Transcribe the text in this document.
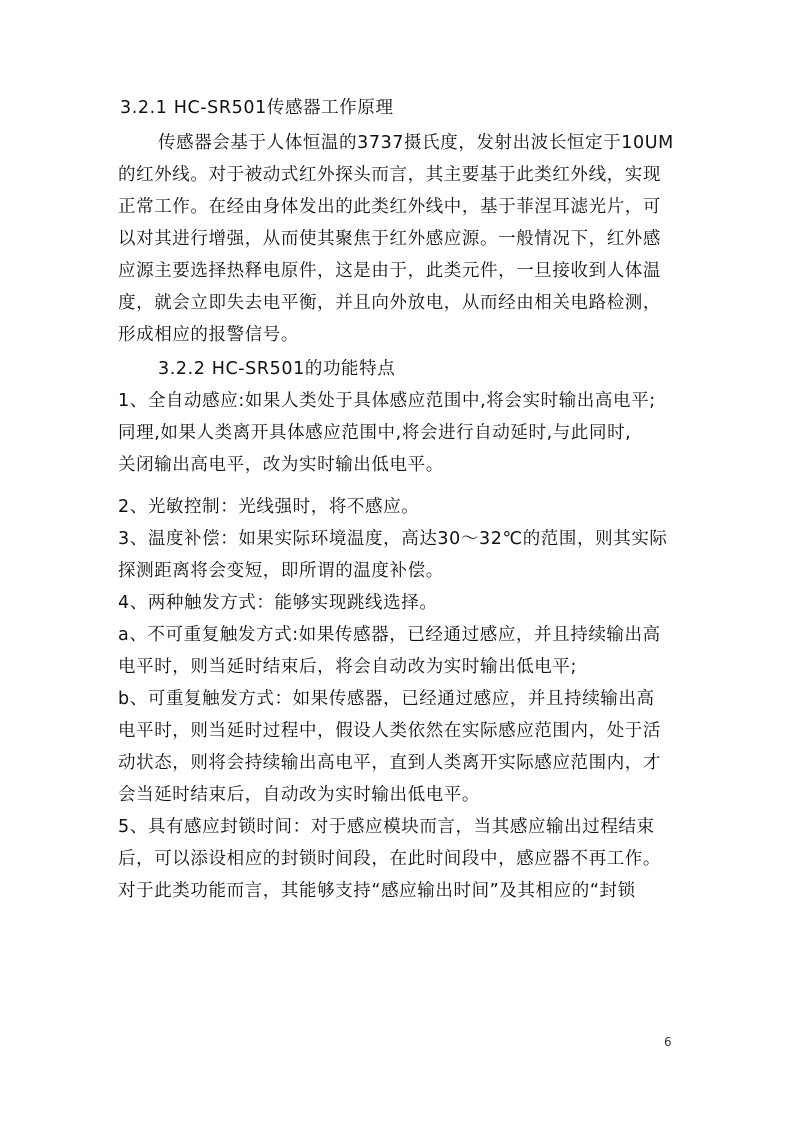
3.2.1 HC-SR501传感器工作原理
传感器会基于人体恒温的3737摄氏度，发射出波长恒定于10UM
的红外线。对于被动式红外探头而言，其主要基于此类红外线，实现
正常工作。在经由身体发出的此类红外线中，基于菲涅耳滤光片，可
以对其进行增强，从而使其聚焦于红外感应源。一般情况下，红外感
应源主要选择热释电原件，这是由于，此类元件，一旦接收到人体温
度，就会立即失去电平衡，并且向外放电，从而经由相关电路检测，
形成相应的报警信号。
3.2.2 HC-SR501的功能特点
1、全自动感应:如果人类处于具体感应范围中,将会实时输出高电平;
同理,如果人类离开具体感应范围中,将会进行自动延时,与此同时,
关闭输出高电平，改为实时输出低电平。
2、光敏控制：光线强时，将不感应。
3、温度补偿：如果实际环境温度，高达30～32℃的范围，则其实际
探测距离将会变短，即所谓的温度补偿。
4、两种触发方式：能够实现跳线选择。
a、不可重复触发方式:如果传感器，已经通过感应，并且持续输出高
电平时，则当延时结束后，将会自动改为实时输出低电平;
b、可重复触发方式：如果传感器，已经通过感应，并且持续输出高
电平时，则当延时过程中，假设人类依然在实际感应范围内，处于活
动状态，则将会持续输出高电平，直到人类离开实际感应范围内，才
会当延时结束后，自动改为实时输出低电平。
5、具有感应封锁时间：对于感应模块而言，当其感应输出过程结束
后，可以添设相应的封锁时间段，在此时间段中，感应器不再工作。
对于此类功能而言，其能够支持“感应输出时间”及其相应的“封锁
6
